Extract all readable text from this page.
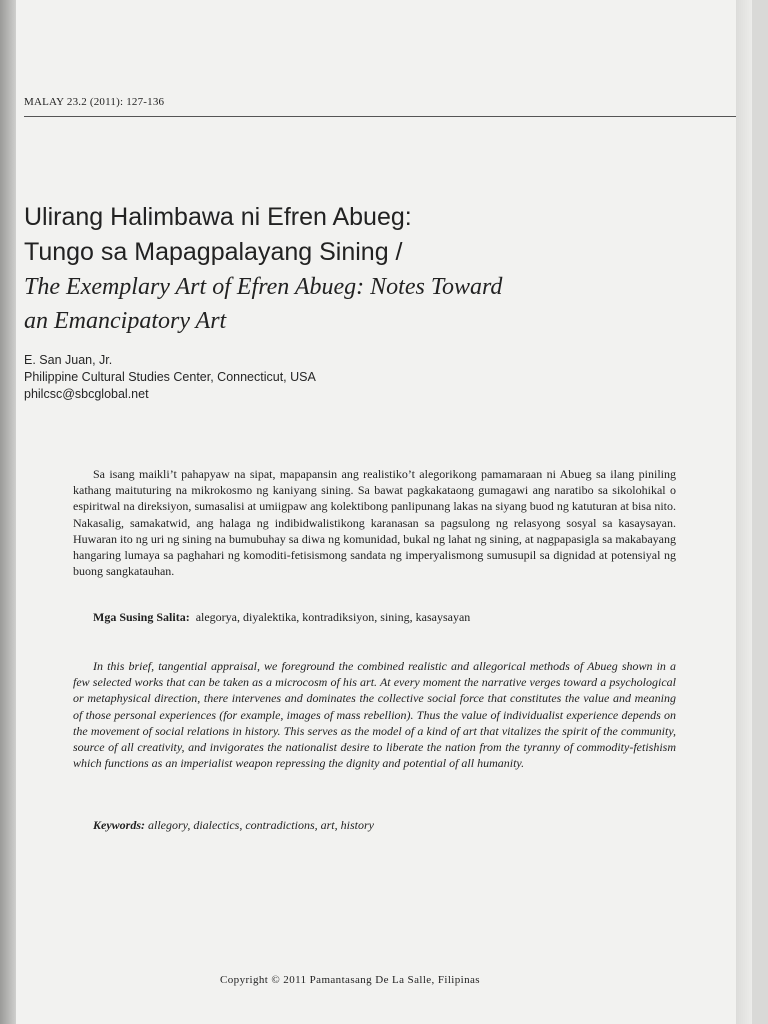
MALAY 23.2 (2011): 127-136
Ulirang Halimbawa ni Efren Abueg:
Tungo sa Mapagpalayang Sining /
The Exemplary Art of Efren Abueg: Notes Toward
an Emancipatory Art
E. San Juan, Jr.
Philippine Cultural Studies Center, Connecticut, USA
philcsc@sbcglobal.net

Sa isang maikli’t pahapyaw na sipat, mapapansin ang realistiko’t alegorikong pamamaraan ni Abueg sa ilang piniling kathang maituturing na mikrokosmo ng kaniyang sining. Sa bawat pagkakataong gumagawi ang naratibo sa sikolohikal o espiritwal na direksiyon, sumasalisi at umiigpaw ang kolektibong panlipunang lakas na siyang buod ng katuturan at bisa nito. Nakasalig, samakatwid, ang halaga ng indibidwalistikong karanasan sa pagsulong ng relasyong sosyal sa kasaysayan. Huwaran ito ng uri ng sining na bumubuhay sa diwa ng komunidad, bukal ng lahat ng sining, at nagpapasigla sa makabayang hangaring lumaya sa paghahari ng komoditi-fetisismong sandata ng imperyalismong sumusupil sa dignidad at potensiyal ng buong sangkatauhan.

Mga Susing Salita: alegorya, diyalektika, kontradiksiyon, sining, kasaysayan

In this brief, tangential appraisal, we foreground the combined realistic and allegorical methods of Abueg shown in a few selected works that can be taken as a microcosm of his art. At every moment the narrative verges toward a psychological or metaphysical direction, there intervenes and dominates the collective social force that constitutes the value and meaning of those personal experiences (for example, images of mass rebellion). Thus the value of individualist experience depends on the movement of social relations in history. This serves as the model of a kind of art that vitalizes the spirit of the community, source of all creativity, and invigorates the nationalist desire to liberate the nation from the tyranny of commodity-fetishism which functions as an imperialist weapon repressing the dignity and potential of all humanity.

Keywords: allegory, dialectics, contradictions, art, history
Copyright © 2011 Pamantasang De La Salle, Filipinas
